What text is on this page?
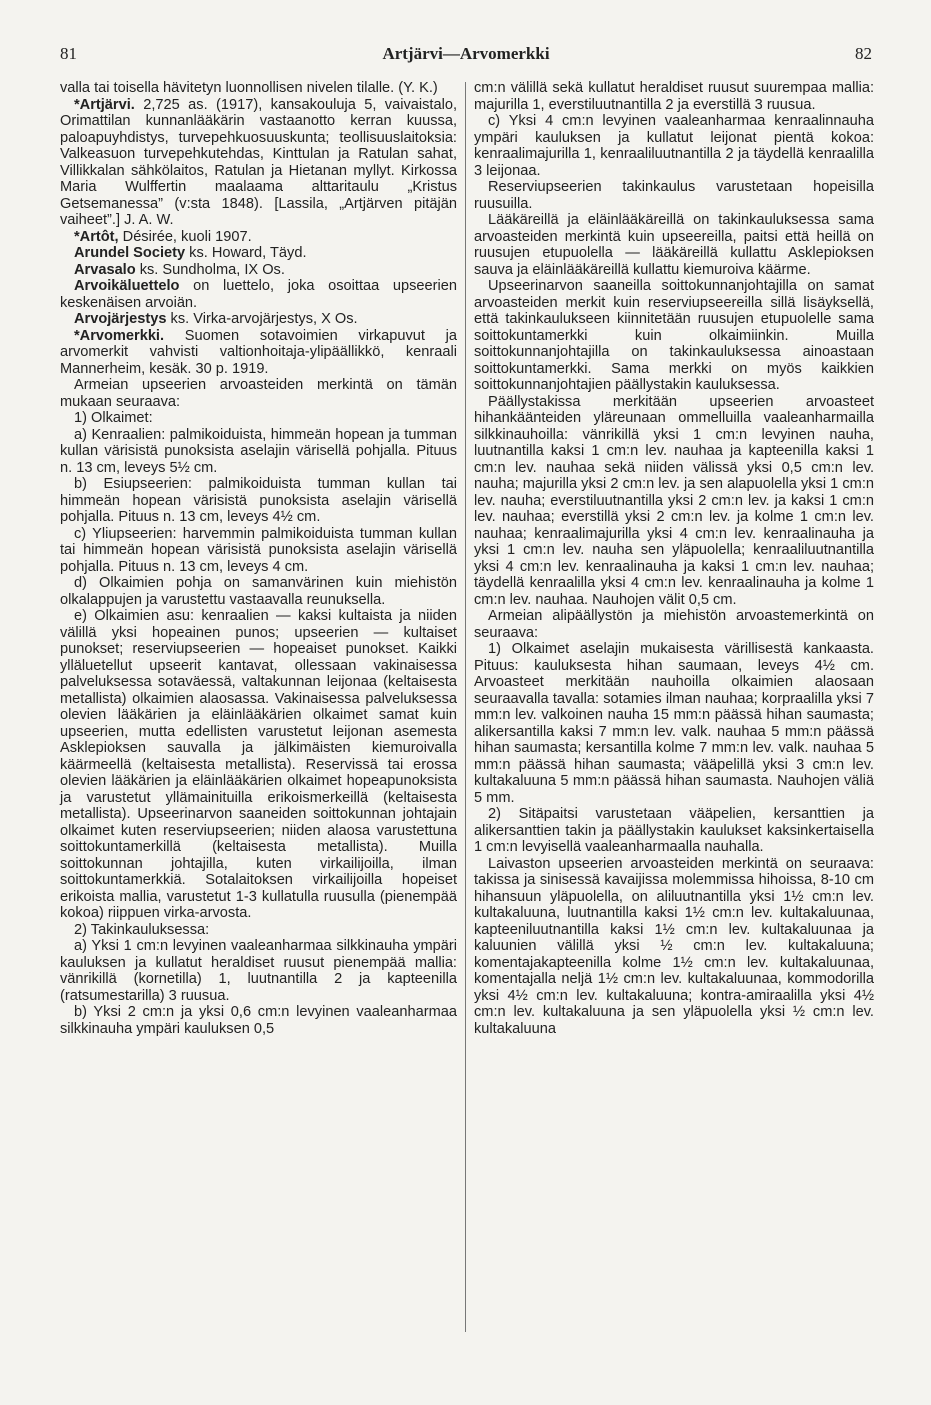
81	Artjärvi—Arvomerkki	82

valla tai toisella hävitetyn luonnollisen nivelen tilalle. (Y. K.)

*Artjärvi. 2,725 as. (1917), kansakouluja 5, vaivaistalo, Orimattilan kunnanlääkärin vastaanotto kerran kuussa, paloapuyhdistys, turvepehkuosuuskunta; teollisuuslaitoksia: Valkeasuon turvepehkutehdas, Kinttulan ja Ratulan sahat, Villikkalan sähkölaitos, Ratulan ja Hietanan myllyt. Kirkossa Maria Wulffertin maalaama alttaritaulu „Kristus Getsemanessa” (v:sta 1848). [Lassila, „Artjärven pitäjän vaiheet”.] J. A. W.

*Artôt, Désirée, kuoli 1907.

Arundel Society ks. Howard, Täyd.

Arvasalo ks. Sundholma, IX Os.

Arvoikäluettelo on luettelo, joka osoittaa upseerien keskenäisen arvoiän.

Arvojärjestys ks. Virka-arvojärjestys, X Os.

*Arvomerkki. Suomen sotavoimien virkapuvut ja arvomerkit vahvisti valtionhoitaja-ylipäällikkö, kenraali Mannerheim, kesäk. 30 p. 1919.

Armeian upseerien arvoasteiden merkintä on tämän mukaan seuraava:

1) Olkaimet:

a) Kenraalien: palmikoiduista, himmeän hopean ja tumman kullan värisistä punoksista aselajin värisellä pohjalla. Pituus n. 13 cm, leveys 5½ cm.

b) Esiupseerien: palmikoiduista tumman kullan tai himmeän hopean värisistä punoksista aselajin värisellä pohjalla. Pituus n. 13 cm, leveys 4½ cm.

c) Yliupseerien: harvemmin palmikoiduista tumman kullan tai himmeän hopean värisistä punoksista aselajin värisellä pohjalla. Pituus n. 13 cm, leveys 4 cm.

d) Olkaimien pohja on samanvärinen kuin miehistön olkalappujen ja varustettu vastaavalla reunuksella.

e) Olkaimien asu: kenraalien — kaksi kultaista ja niiden välillä yksi hopeainen punos; upseerien — kultaiset punokset; reserviupseerien — hopeaiset punokset. Kaikki ylläluetellut upseerit kantavat, ollessaan vakinaisessa palveluksessa sotaväessä, valtakunnan leijonaa (keltaisesta metallista) olkaimien alaosassa. Vakinaisessa palveluksessa olevien lääkärien ja eläinlääkärien olkaimet samat kuin upseerien, mutta edellisten varustetut leijonan asemesta Asklepioksen sauvalla ja jälkimäisten kiemuroivalla käärmeellä (keltaisesta metallista). Reservissä tai erossa olevien lääkärien ja eläinlääkärien olkaimet hopeapunoksista ja varustetut yllämainituilla erikoismerkeillä (keltaisesta metallista). Upseerinarvon saaneiden soittokunnan johtajain olkaimet kuten reserviupseerien; niiden alaosa varustettuna soittokuntamerkillä (keltaisesta metallista). Muilla soittokunnan johtajilla, kuten virkailijoilla, ilman soittokuntamerkkiä. Sotalaitoksen virkailijoilla hopeiset erikoista mallia, varustetut 1-3 kullatulla ruusulla (pienempää kokoa) riippuen virka-arvosta.

2) Takinkauluksessa:

a) Yksi 1 cm:n levyinen vaaleanharmaa silkkinauha ympäri kauluksen ja kullatut heraldiset ruusut pienempää mallia: vänrikillä (kornetilla) 1, luutnantilla 2 ja kapteenilla (ratsumestarilla) 3 ruusua.

b) Yksi 2 cm:n ja yksi 0,6 cm:n levyinen vaaleanharmaa silkkinauha ympäri kauluksen 0,5

cm:n välillä sekä kullatut heraldiset ruusut suurempaa mallia: majurilla 1, everstiluutnantilla 2 ja everstillä 3 ruusua.

c) Yksi 4 cm:n levyinen vaaleanharmaa kenraalinnauha ympäri kauluksen ja kullatut leijonat pientä kokoa: kenraalimajurilla 1, kenraaliluutnantilla 2 ja täydellä kenraalilla 3 leijonaa.

Reserviupseerien takinkaulus varustetaan hopeisilla ruusuilla.

Lääkäreillä ja eläinlääkäreillä on takinkauluksessa sama arvoasteiden merkintä kuin upseereilla, paitsi että heillä on ruusujen etupuolella — lääkäreillä kullattu Asklepioksen sauva ja eläinlääkäreillä kullattu kiemuroiva käärme.

Upseerinarvon saaneilla soittokunnanjohtajilla on samat arvoasteiden merkit kuin reserviupseereilla sillä lisäyksellä, että takinkaulukseen kiinnitetään ruusujen etupuolelle sama soittokuntamerkki kuin olkaimiinkin. Muilla soittokunnanjohtajilla on takinkauluksessa ainoastaan soittokuntamerkki. Sama merkki on myös kaikkien soittokunnanjohtajien päällystakin kauluksessa.

Päällystakissa merkitään upseerien arvoasteet hihankäänteiden yläreunaan ommelluilla vaaleanharmailla silkkinauhoilla: vänrikillä yksi 1 cm:n levyinen nauha, luutnantilla kaksi 1 cm:n lev. nauhaa ja kapteenilla kaksi 1 cm:n lev. nauhaa sekä niiden välissä yksi 0,5 cm:n lev. nauha; majurilla yksi 2 cm:n lev. ja sen alapuolella yksi 1 cm:n lev. nauha; everstiluutnantilla yksi 2 cm:n lev. ja kaksi 1 cm:n lev. nauhaa; everstillä yksi 2 cm:n lev. ja kolme 1 cm:n lev. nauhaa; kenraalimajurilla yksi 4 cm:n lev. kenraalinauha ja yksi 1 cm:n lev. nauha sen yläpuolella; kenraaliluutnantilla yksi 4 cm:n lev. kenraalinauha ja kaksi 1 cm:n lev. nauhaa; täydellä kenraalilla yksi 4 cm:n lev. kenraalinauha ja kolme 1 cm:n lev. nauhaa. Nauhojen välit 0,5 cm.

Armeian alipäällystön ja miehistön arvoastemerkintä on seuraava:

1) Olkaimet aselajin mukaisesta värillisestä kankaasta. Pituus: kauluksesta hihan saumaan, leveys 4½ cm. Arvoasteet merkitään nauhoilla olkaimien alaosaan seuraavalla tavalla: sotamies ilman nauhaa; korpraalilla yksi 7 mm:n lev. valkoinen nauha 15 mm:n päässä hihan saumasta; alikersantilla kaksi 7 mm:n lev. valk. nauhaa 5 mm:n päässä hihan saumasta; kersantilla kolme 7 mm:n lev. valk. nauhaa 5 mm:n päässä hihan saumasta; vääpelillä yksi 3 cm:n lev. kultakaluuna 5 mm:n päässä hihan saumasta. Nauhojen väliä 5 mm.

2) Sitäpaitsi varustetaan vääpelien, kersanttien ja alikersanttien takin ja päällystakin kaulukset kaksinkertaisella 1 cm:n levyisellä vaaleanharmaalla nauhalla.

Laivaston upseerien arvoasteiden merkintä on seuraava: takissa ja sinisessä kavaijissa molemmissa hihoissa, 8-10 cm hihansuun yläpuolella, on aliluutnantilla yksi 1½ cm:n lev. kultakaluuna, luutnantilla kaksi 1½ cm:n lev. kultakaluunaa, kapteeniluutnantilla kaksi 1½ cm:n lev. kultakaluunaa ja kaluunien välillä yksi ½ cm:n lev. kultakaluuna; komentajakapteenilla kolme 1½ cm:n lev. kultakaluunaa, komentajalla neljä 1½ cm:n lev. kultakaluunaa, kommodorilla yksi 4½ cm:n lev. kultakaluuna; kontra-amiraalilla yksi 4½ cm:n lev. kultakaluuna ja sen yläpuolella yksi ½ cm:n lev. kultakaluuna
